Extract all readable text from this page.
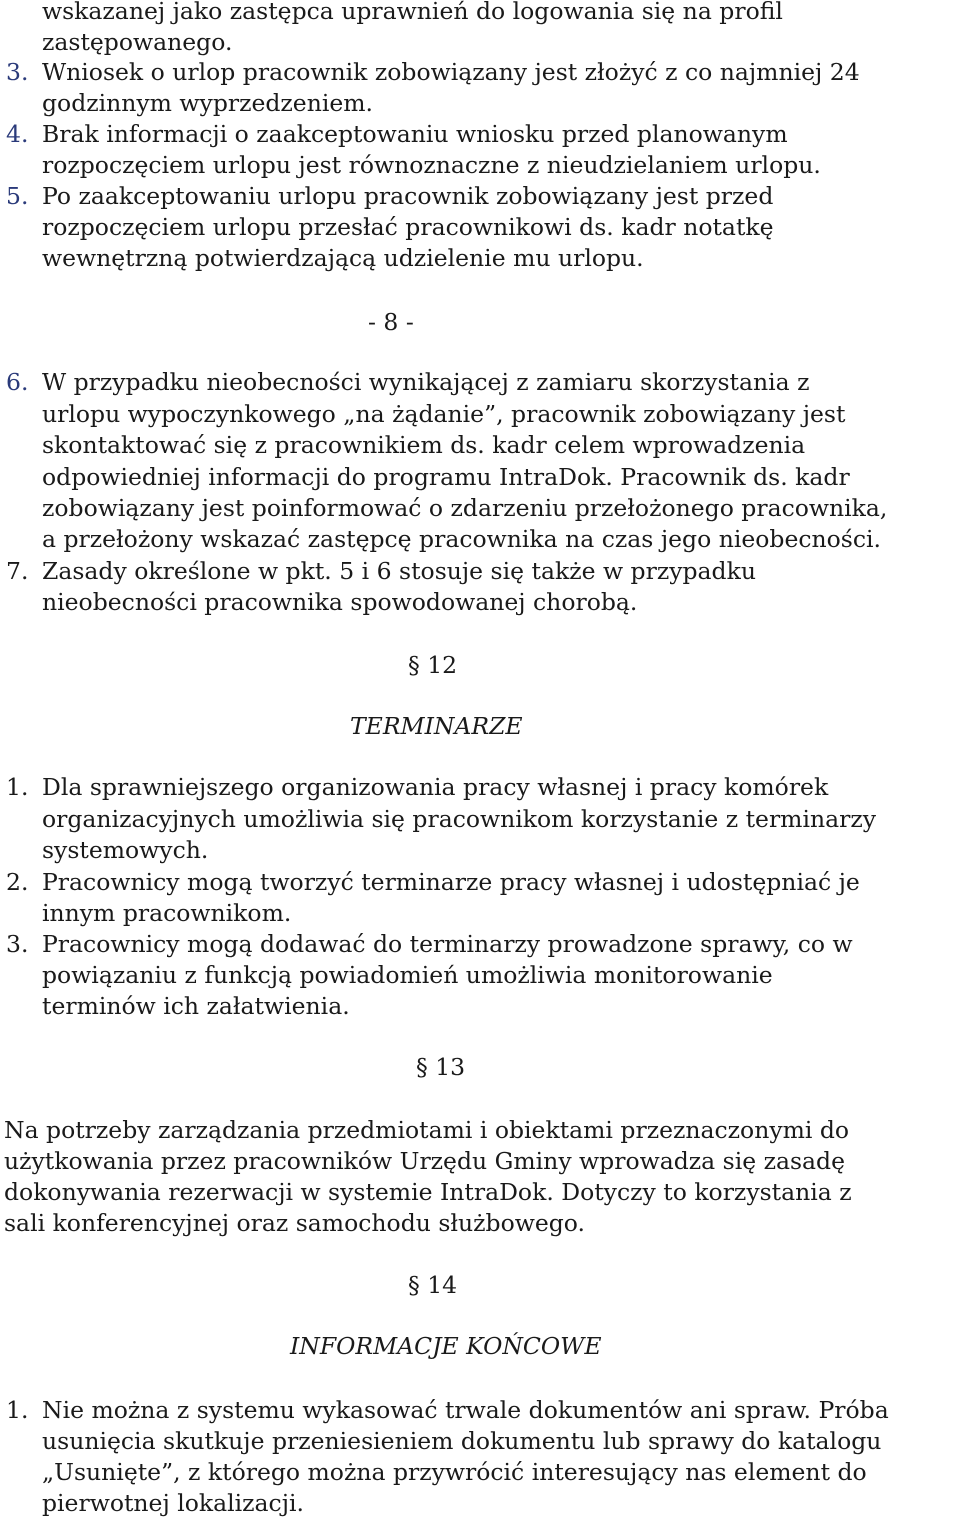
wskazanej jako zastępca uprawnień do logowania się na profil
zastępowanego.
3. Wniosek o urlop pracownik zobowiązany jest złożyć z co najmniej 24
godzinnym wyprzedzeniem.
4. Brak informacji o zaakceptowaniu wniosku przed planowanym
rozpoczęciem urlopu jest równoznaczne z nieudzielaniem urlopu.
5. Po zaakceptowaniu urlopu pracownik zobowiązany jest przed
rozpoczęciem urlopu przesłać pracownikowi ds. kadr notatkę
wewnętrzną potwierdzającą udzielenie mu urlopu.
- 8 -
6. W przypadku nieobecności wynikającej z zamiaru skorzystania z
urlopu wypoczynkowego „na żądanie”, pracownik zobowiązany jest
skontaktować się z pracownikiem ds. kadr celem wprowadzenia
odpowiedniej informacji do programu IntraDok. Pracownik ds. kadr
zobowiązany jest poinformować o zdarzeniu przełożonego pracownika,
a przełożony wskazać zastępcę pracownika na czas jego nieobecności.
7. Zasady określone w pkt. 5 i 6 stosuje się także w przypadku
nieobecności pracownika spowodowanej chorobą.
§ 12
TERMINARZE
1. Dla sprawniejszego organizowania pracy własnej i pracy komórek
organizacyjnych umożliwia się pracownikom korzystanie z terminarzy
systemowych.
2. Pracownicy mogą tworzyć terminarze pracy własnej i udostępniać je
innym pracownikom.
3. Pracownicy mogą dodawać do terminarzy prowadzone sprawy, co w
powiązaniu z funkcją powiadomień umożliwia monitorowanie
terminów ich załatwienia.
§ 13
Na potrzeby zarządzania przedmiotami i obiektami przeznaczonymi do
użytkowania przez pracowników Urzędu Gminy wprowadza się zasadę
dokonywania rezerwacji w systemie IntraDok. Dotyczy to korzystania z
sali konferencyjnej oraz samochodu służbowego.
§ 14
INFORMACJE KOŃCOWE
1. Nie można z systemu wykasować trwale dokumentów ani spraw. Próba
usunięcia skutkuje przeniesieniem dokumentu lub sprawy do katalogu
„Usunięte”, z którego można przywrócić interesujący nas element do
pierwotnej lokalizacji.
